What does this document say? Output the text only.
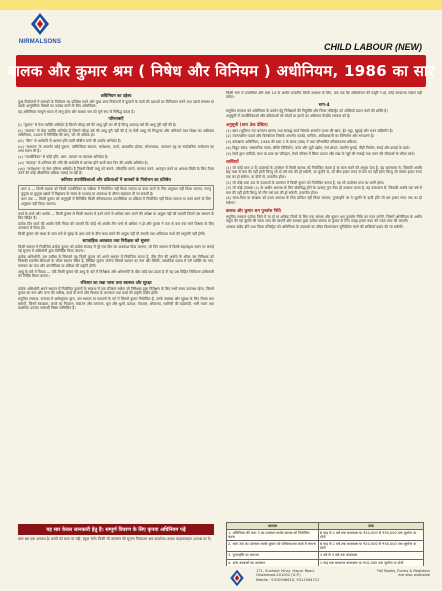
NIRMALSONS	CHILD LABOUR (NEW)
बालक और कुमार श्रम ( निषेध और विनियम ) अधीनियम, 1986 का सार
अधिनियम का उद्देश्य

कुछ नियोजनों में बालकों के नियोजन का प्रतिषेध करने और कुछ अन्य नियोजनों में कुमारों के कार्य की दशाओं का विनियमन करने तथा उससे संसक्त या उसके आनुषंगिक विषयों का उपबंध करने के लिए अधिनियम।

यह अधिनियम सम्पूर्ण भारत में लागू होगा और बालक श्रम को पूर्ण रूप से निषिद्ध करता है।

परिभाषाएँ

(i) "कुमार" से ऐसा व्यक्ति अभिप्रेत है जिसने चौदह वर्ष की आयु पूरी कर ली है किन्तु अठारह वर्ष की आयु पूरी नहीं की है।

(ii) "बालक" से ऐसा व्यक्ति अभिप्रेत है जिसने चौदह वर्ष की आयु पूरी नहीं की है या ऐसी आयु जो निःशुल्क और अनिवार्य बाल शिक्षा का अधिकार अधिनियम, 2009 में विनिर्दिष्ट की जाए, जो भी अधिक हो।

(iii) "दिन" से अर्धरात्रि से आरम्भ होने वाली चौबीस घण्टे की अवधि अभिप्रेत है।

(iv) "स्थापन" के अन्तर्गत कोई दुकान, वाणिज्यिक स्थापन, कर्मशाला, फार्म, आवासीय होटल, भोजनालय, जलपान गृह या सार्वजनिक मनोरंजन का अन्य स्थान भी है।

(v) "उपजीविका" से कोई वृत्ति, काम, व्यापार या कारबार अभिप्रेत है।

(vi) "सप्ताह" से शनिवार की रात्रि की अर्धरात्रि से आरम्भ होने वाली सात दिन की अवधि अभिप्रेत है।

(vii) "कर्मशाला" से ऐसा परिसर अभिप्रेत है जिसमें किसी वस्तु को बनाने, परिवर्तित करने, मरम्मत करने, अलंकृत करने या अन्यथा बिक्री के लिए तैयार करने की कोई औद्योगिक प्रक्रिया चलाई जा रही है।

कतिपय उपजीविकाओं और प्रक्रियाओं में बालकों के नियोजन का प्रतिषेध

धारा 3 — किसी बालक को किसी उपजीविका या प्रक्रिया में नियोजित नहीं किया जाएगा या काम करने के लिए अनुज्ञात नहीं किया जाएगा, परन्तु कुटुम्ब या कुटुम्ब उद्यमों में विद्यालय के समय के पश्चात् या अवकाश के दौरान सहायता दी जा सकती है।

धारा 3क — किसी कुमार को अनुसूची में विनिर्दिष्ट किसी परिसंकटमय उपजीविका या प्रक्रिया में नियोजित नहीं किया जाएगा या काम करने के लिए अनुज्ञात नहीं किया जाएगा।

कार्य के घण्टे और अवधि — किसी कुमार से किसी स्थापन में उतने घण्टे से अधिक काम करने की अपेक्षा या अनुज्ञा नहीं की जाएगी जितने उस स्थापन के लिए विहित हैं।

प्रत्येक दिन कार्य की अवधि ऐसी नियत की जाएगी कि कोई भी अवधि तीन घण्टे से अधिक न हो और कुमार ने कम से कम एक घण्टे विश्राम के लिए अन्तराल ले लिया हो।

किसी कुमार को संध्या के सात बजे से सुबह के आठ बजे के बीच काम करने की अनुज्ञा नहीं दी जाएगी तथा अतिकाल कार्य की अनुमति नहीं होगी।

साप्ताहिक अवकाश तथा निरीक्षक को सूचना

किसी स्थापन में नियोजित प्रत्येक कुमार को प्रत्येक सप्ताह में पूरे एक दिन का अवकाश दिया जाएगा, जो दिन स्थापन में किसी सहजदृश्य स्थान पर लगाई गई सूचना में अधिभोगी द्वारा विनिर्दिष्ट किया जाएगा।

प्रत्येक अधिभोगी, उस तारीख से जिसको वह किसी कुमार को अपने स्थापन में नियोजित करता है, तीस दिन की अवधि के भीतर उस निरीक्षक को जिसकी स्थानीय सीमाओं के भीतर स्थापन स्थित है, लिखित सूचना भेजेगा जिसमें स्थापन का नाम और स्थिति, वास्तविक प्रबन्ध में लगे व्यक्ति का नाम, पत्राचार का पता और उपजीविका या प्रक्रिया की प्रकृति होगी।

आयु के बारे में विवाद — यदि किसी कुमार की आयु के बारे में निरीक्षक और अधिभोगी के बीच कोई प्रश्न उठता है तो वह प्रश्न विहित चिकित्सा प्राधिकारी को निर्दिष्ट किया जाएगा।

रजिस्टर का रखा जाना तथा स्वास्थ्य और सुरक्षा

प्रत्येक अधिभोगी अपने स्थापन में नियोजित कुमारों के सम्बन्ध में एक रजिस्टर रखेगा जो निरीक्षक द्वारा निरीक्षण के लिए सभी समय उपलब्ध रहेगा, जिसमें कुमार का नाम और जन्म की तारीख, कार्य के घण्टे और विश्राम के अन्तराल तथा कार्य की प्रकृति दर्शित होगी।

समुचित सरकार, राजपत्र में अधिसूचना द्वारा, उस स्थापन या स्थापनों के वर्ग में जिसमें कुमार नियोजित हैं, उनके स्वास्थ्य और सुरक्षा के लिए नियम बना सकेगी, जिनमें स्वच्छता, कचरे का निपटान, संवातन और तापमान, धूल और धुआँ, प्रकाश, पेयजल, शौचालय, मशीनरी की बाड़ेबन्दी, भारी वजन तथा प्राथमिक उपचार सम्बन्धी विषय सम्मिलित हैं।

किसी भाग में उपबन्धित और धारा 14 के अधीन दण्डनीय किसी अपराध के लिए, जब तक कि अभियोजन की मंजूरी न हो, कोई न्यायालय संज्ञान नहीं करेगा।

भाग-4

समुचित सरकार को अधिनियम के प्रवर्तन हेतु निरीक्षकों की नियुक्ति और जिला मजिस्ट्रेट को शक्तियाँ प्रदान करने की शक्ति है।

अनुसूची में उपजीविकाओं और प्रक्रियाओं को जोड़ने या हटाने का अधिकार केन्द्रीय सरकार को है।

अनुसूची (धारा 3क देखिए)

(1) खान (भूमिगत एवं जलमग्न खनन) तथा सम्बद्ध कार्य जिसके अन्तर्गत पत्थर की खान, ईंट भट्ठा, खुदाई और भवन सन्निर्माण है।

(2) ज्वलनशील पदार्थ और विस्फोटक जिसके अन्तर्गत पटाखे, माचिस, आतिशबाजी का विनिर्माण और भण्डारण है।

(3) कारखाना अधिनियम, 1948 की धारा 2 के खण्ड (गख) में यथा परिभाषित परिसंकटमय प्रक्रिया।

(4) विद्युत संयंत्र, रासायनिक संयंत्र, सीमेंट विनिर्माण, कांच और चूड़ी उद्योग, चर्म शोधन, कालीन बुनाई, बीड़ी निर्माण, रंगाई और छपाई के कार्य।

(5) रेलवे द्वारा यात्रियों, माल या डाक का परिवहन, रेलवे परिसर में सिंडर उठाना और राख के गड्ढों की सफाई तथा पत्तन की सीमाओं के भीतर कार्य।

शास्तियाँ

(1) जो कोई धारा 3 के उपबन्धों के उल्लंघन में किसी बालक को नियोजित करता है या काम करने की अनुज्ञा देता है, वह कारावास से, जिसकी अवधि छह मास से कम की नहीं होगी किन्तु जो दो वर्ष तक की हो सकेगी, या जुर्माने से, जो बीस हजार रुपए से कम का नहीं होगा किन्तु जो पचास हजार रुपए तक का हो सकेगा, या दोनों से, दण्डनीय होगा।

(2) जो कोई धारा 3क के उपबन्धों के उल्लंघन में किसी कुमार को नियोजित करता है, वह भी उपरोक्त दण्ड का भागी होगा।

(3) जो कोई उपधारा (1) के अधीन अपराध के लिए दोषसिद्ध होने के पश्चात् पुनः वैसा ही अपराध करता है, वह कारावास से, जिसकी अवधि एक वर्ष से कम की नहीं होगी किन्तु जो तीन वर्ष तक की हो सकेगी, दण्डनीय होगा।

(4) माता-पिता या संरक्षक को प्रथम अपराध के लिए दण्डित नहीं किया जाएगा; पुनरावृत्ति पर वे जुर्माने के दायी होंगे जो दस हजार रुपए तक का हो सकेगा।

बालक और कुमार श्रम पुनर्वास निधि

समुचित सरकार प्रत्येक जिले में या दो या अधिक जिलों के लिए एक बालक और कुमार श्रम पुनर्वास निधि का गठन करेगी, जिसमें अधिनियम के अधीन वसूल की गई जुर्माने की रकम जमा की जाएगी और सरकार द्वारा प्रत्येक बालक या कुमार के लिए पन्द्रह हजार रुपए की रकम जमा की जाएगी।

अपराध संज्ञेय होंगे तथा जिला मजिस्ट्रेट को अधिनियम के उपबन्धों का उचित क्रियान्वयन सुनिश्चित करने की शक्तियाँ प्रदान की जा सकेंगी।

अपराध	दण्ड
1. अधिनियम की धारा 3 का उल्लंघन करके बालक को नियोजित करना	6 माह से 2 वर्ष तक कारावास या ₹20,000 से ₹50,000 तक जुर्माना या दोनों
2. धारा 3क का उल्लंघन करके कुमार को परिसंकटमय कार्य में लगाना	6 माह से 2 वर्ष तक कारावास या ₹20,000 से ₹50,000 तक जुर्माना या दोनों
3. पुनरावृत्ति पर अपराध	1 वर्ष से 3 वर्ष तक कारावास
4. अन्य उपबन्धों का उल्लंघन	1 माह तक साधारण कारावास या ₹10,000 तक जुर्माना या दोनों
यह सार केवल जानकारी हेतु है। सम्पूर्ण विवरण के लिए कृपया अधिनियम पढ़ें
बाल श्रम एक अपराध है। बच्चों को काम पर नहीं, स्कूल भेजें। किसी भी उल्लंघन की सूचना निकटतम श्रम कार्यालय अथवा चाइल्डलाइन 1098 पर दें।
171, Sushant Vihar, Hapur Road,
Ghaziabad-201002 (U.P.)
Mobile : 9310946610, 9311944712
*All Books, Forms & Registers
are also available
